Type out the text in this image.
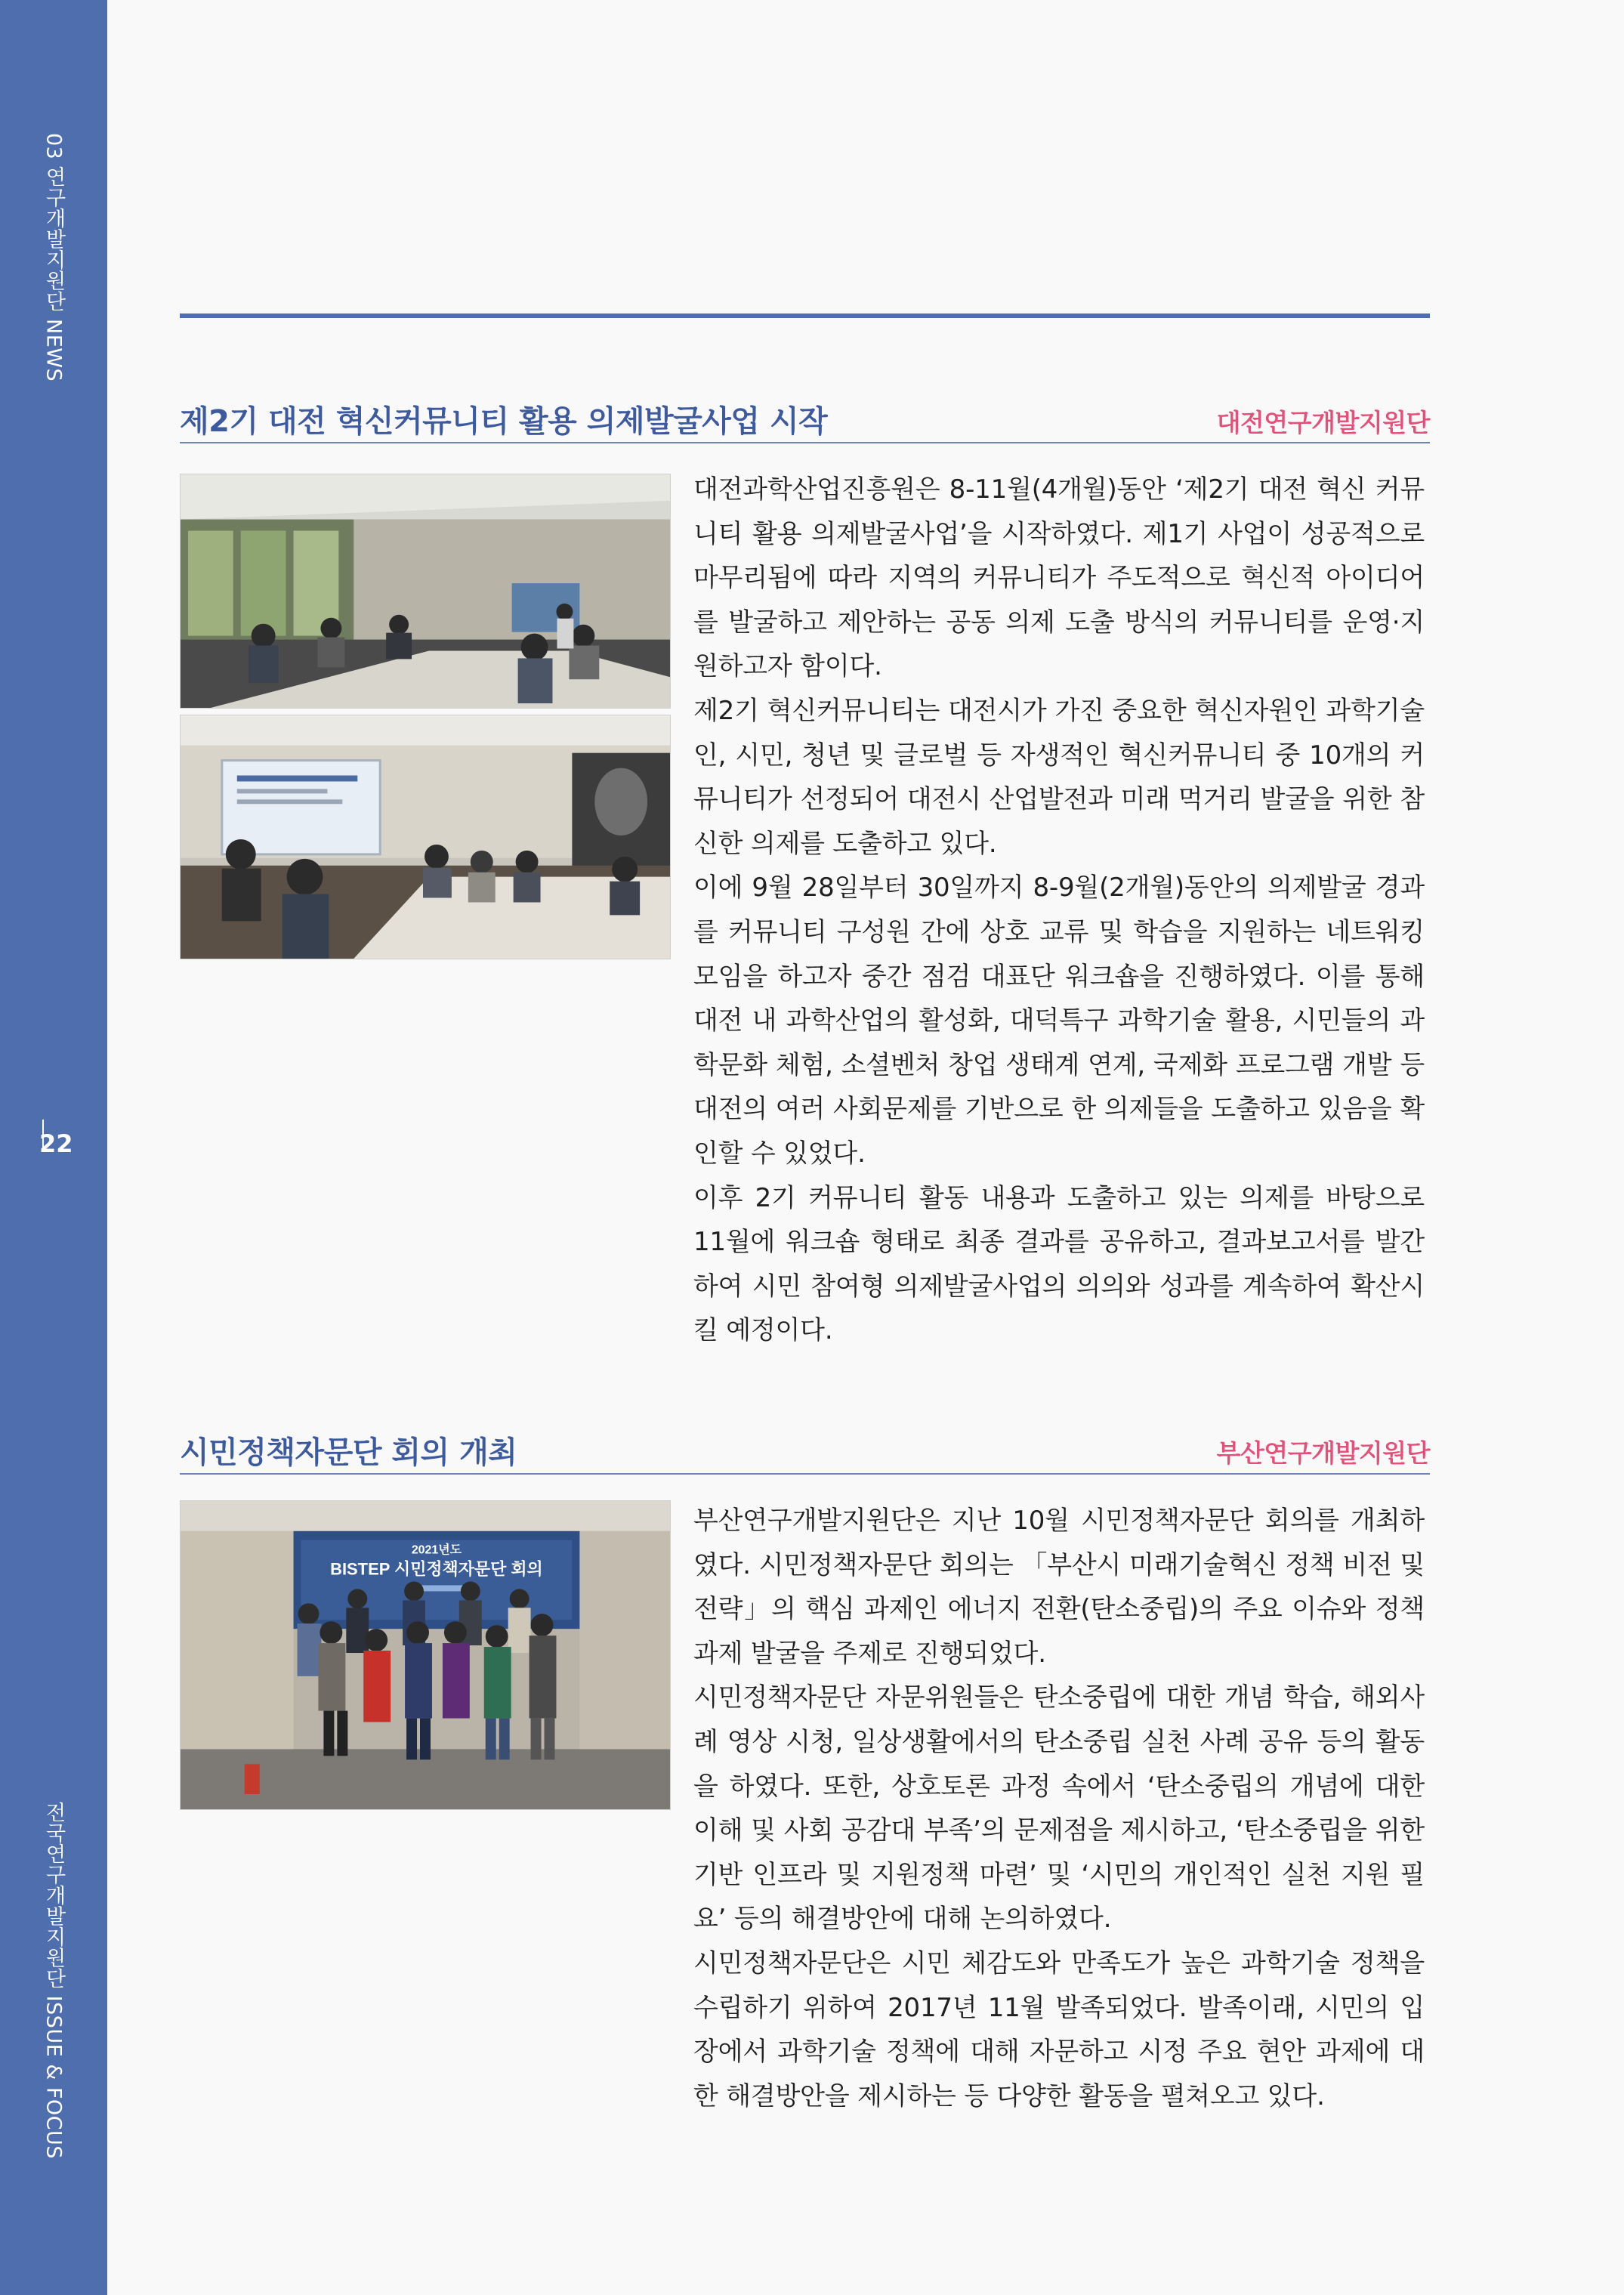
03 연구개발지원단 NEWS
22
전국연구개발지원단 ISSUE & FOCUS
제2기 대전 혁신커뮤니티 활용 의제발굴사업 시작	대전연구개발지원단

대전과학산업진흥원은 8-11월(4개월)동안 ‘제2기 대전 혁신 커뮤니티 활용 의제발굴사업’을 시작하였다. 제1기 사업이 성공적으로 마무리됨에 따라 지역의 커뮤니티가 주도적으로 혁신적 아이디어를 발굴하고 제안하는 공동 의제 도출 방식의 커뮤니티를 운영·지원하고자 함이다.

제2기 혁신커뮤니티는 대전시가 가진 중요한 혁신자원인 과학기술인, 시민, 청년 및 글로벌 등 자생적인 혁신커뮤니티 중 10개의 커뮤니티가 선정되어 대전시 산업발전과 미래 먹거리 발굴을 위한 참신한 의제를 도출하고 있다.

이에 9월 28일부터 30일까지 8-9월(2개월)동안의 의제발굴 경과를 커뮤니티 구성원 간에 상호 교류 및 학습을 지원하는 네트워킹 모임을 하고자 중간 점검 대표단 워크숍을 진행하였다. 이를 통해 대전 내 과학산업의 활성화, 대덕특구 과학기술 활용, 시민들의 과학문화 체험, 소셜벤처 창업 생태계 연계, 국제화 프로그램 개발 등 대전의 여러 사회문제를 기반으로 한 의제들을 도출하고 있음을 확인할 수 있었다.

이후 2기 커뮤니티 활동 내용과 도출하고 있는 의제를 바탕으로 11월에 워크숍 형태로 최종 결과를 공유하고, 결과보고서를 발간하여 시민 참여형 의제발굴사업의 의의와 성과를 계속하여 확산시킬 예정이다.

시민정책자문단 회의 개최	부산연구개발지원단
2021년도
BISTEP 시민정책자문단 회의

부산연구개발지원단은 지난 10월 시민정책자문단 회의를 개최하였다. 시민정책자문단 회의는 「부산시 미래기술혁신 정책 비전 및 전략」의 핵심 과제인 에너지 전환(탄소중립)의 주요 이슈와 정책 과제 발굴을 주제로 진행되었다.

시민정책자문단 자문위원들은 탄소중립에 대한 개념 학습, 해외사례 영상 시청, 일상생활에서의 탄소중립 실천 사례 공유 등의 활동을 하였다. 또한, 상호토론 과정 속에서 ‘탄소중립의 개념에 대한 이해 및 사회 공감대 부족’의 문제점을 제시하고, ‘탄소중립을 위한 기반 인프라 및 지원정책 마련’ 및 ‘시민의 개인적인 실천 지원 필요’ 등의 해결방안에 대해 논의하였다.

시민정책자문단은 시민 체감도와 만족도가 높은 과학기술 정책을 수립하기 위하여 2017년 11월 발족되었다. 발족이래, 시민의 입장에서 과학기술 정책에 대해 자문하고 시정 주요 현안 과제에 대한 해결방안을 제시하는 등 다양한 활동을 펼쳐오고 있다.
